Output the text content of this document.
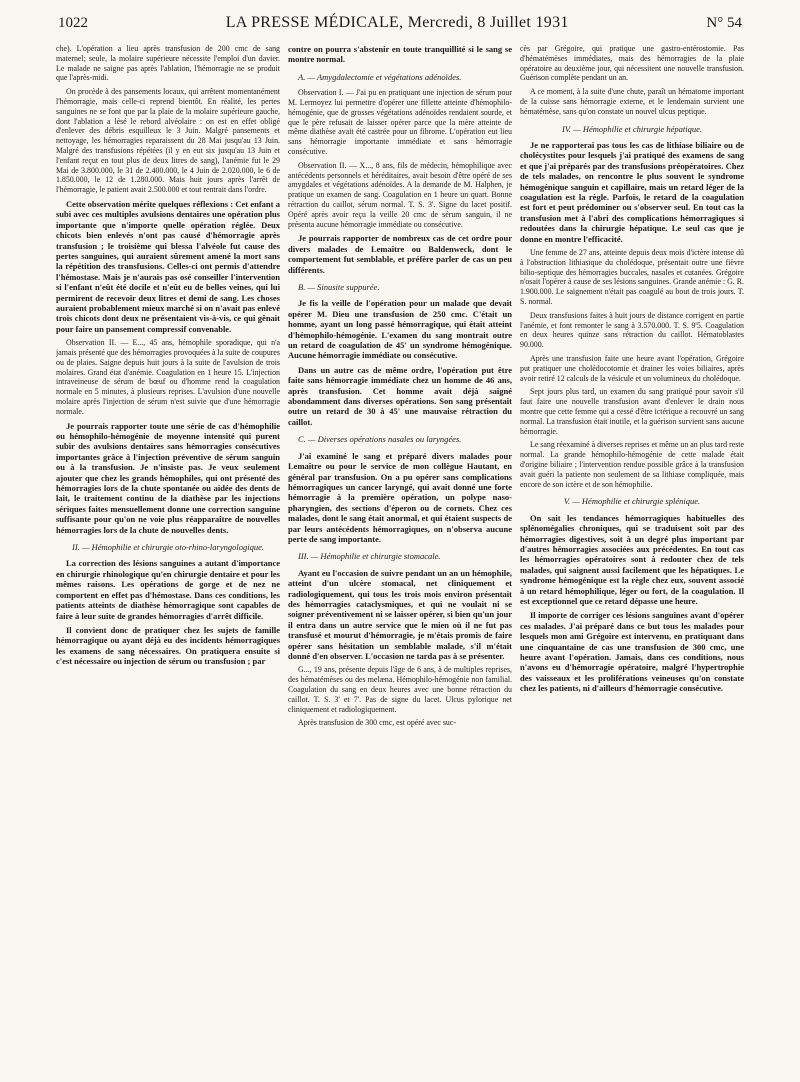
1022	LA PRESSE MÉDICALE, Mercredi, 8 Juillet 1931	N° 54

che). L'opération a lieu après transfusion de 200 cmc de sang maternel; seule, la molaire supérieure nécessite l'emploi d'un davier. Le malade ne saigne pas après l'ablation, l'hémorragie ne se produit que l'après-midi.

On procède à des pansements locaux, qui arrêtent momentanément l'hémorragie, mais celle-ci reprend bientôt. En réalité, les pertes sanguines ne se font que par la plaie de la molaire supérieure gauche, dont l'ablation a lésé le rebord alvéolaire : on est en effet obligé d'enlever des débris esquilleux le 3 Juin. Malgré pansements et nettoyage, les hémorragies reparaissent du 28 Mai jusqu'au 13 Juin. Malgré des transfusions répétées (il y en eut six jusqu'au 13 Juin et l'enfant reçut en tout plus de deux litres de sang), l'anémie fut le 29 Mai de 3.800.000, le 31 de 2.400.000, le 4 Juin de 2.020.000, le 6 de 1.850.000, le 12 de 1.280.000. Mais huit jours après l'arrêt de l'hémorragie, le patient avait 2.500.000 et tout rentrait dans l'ordre.

Cette observation mérite quelques réflexions : Cet enfant a subi avec ces multiples avulsions dentaires une opération plus importante que n'importe quelle opération réglée. Deux chicots bien enlevés n'ont pas causé d'hémorragie après transfusion ; le troisième qui blessa l'alvéole fut cause des pertes sanguines, qui auraient sûrement amené la mort sans la répétition des transfusions. Celles-ci ont permis d'attendre l'hémostase. Mais je n'aurais pas osé conseiller l'intervention si l'enfant n'eût été docile et n'eût eu de belles veines, qui lui permirent de recevoir deux litres et demi de sang. Les choses auraient probablement mieux marché si on n'avait pas enlevé trois chicots dont deux ne présentaient vis-à-vis, ce qui gênait pour faire un pansement compressif convenable.

Observation II. — E..., 45 ans, hémophile sporadique, qui n'a jamais présenté que des hémorragies provoquées à la suite de coupures ou de plaies. Saigne depuis huit jours à la suite de l'avulsion de trois molaires. Grand état d'anémie. Coagulation en 1 heure 15. L'injection intraveineuse de sérum de bœuf ou d'homme rend la coagulation normale en 5 minutes, à plusieurs reprises. L'avulsion d'une nouvelle molaire après l'injection de sérum n'est suivie que d'une hémorragie normale.

Je pourrais rapporter toute une série de cas d'hémophilie ou hémophilo-hémogénie de moyenne intensité qui purent subir des avulsions dentaires sans hémorragies consécutives importantes grâce à l'injection préventive de sérum sanguin ou à la transfusion. Je n'insiste pas. Je veux seulement ajouter que chez les grands hémophiles, qui ont présenté des hémorragies lors de la chute spontanée ou aidée des dents de lait, le traitement continu de la diathèse par les injections sériques faites mensuellement donne une correction sanguine suffisante pour qu'on ne voie plus réapparaître de nouvelles hémorragies lors de la chute de nouvelles dents.

II. — Hémophilie et chirurgie oto-rhino-laryngologique.

La correction des lésions sanguines a autant d'importance en chirurgie rhinologique qu'en chirurgie dentaire et pour les mêmes raisons. Les opérations de gorge et de nez ne comportent en effet pas d'hémostase. Dans ces conditions, les patients atteints de diathèse hémorragique sont capables de faire à leur suite de grandes hémorragies d'arrêt difficile.

Il convient donc de pratiquer chez les sujets de famille hémorragique ou ayant déjà eu des incidents hémorragiques les examens de sang nécessaires. On pratiquera ensuite si c'est nécessaire ou injection de sérum ou transfusion ; par

contre on pourra s'abstenir en toute tranquillité si le sang se montre normal.

A. — Amygdalectomie et végétations adénoïdes.

Observation I. — J'ai pu en pratiquant une injection de sérum pour M. Lermoyez lui permettre d'opérer une fillette atteinte d'hémophilo-hémogénie, que de grosses végétations adénoïdes rendaient sourde, et que le père refusait de laisser opérer parce que la mère atteinte de même diathèse avait été castrée pour un fibrome. L'opération eut lieu sans hémorragie importante immédiate et sans hémorragie consécutive.

Observation II. — X..., 8 ans, fils de médecin, hémophilique avec antécédents personnels et héréditaires, avait besoin d'être opéré de ses amygdales et végétations adénoïdes. A la demande de M. Halphen, je pratique un examen de sang. Coagulation en 1 heure un quart. Bonne rétraction du caillot, sérum normal. T. S. 3'. Signe du lacet positif. Opéré après avoir reçu la veille 20 cmc de sérum sanguin, il ne présenta aucune hémorragie immédiate ou consécutive.

Je pourrais rapporter de nombreux cas de cet ordre pour divers malades de Lemaître ou Baldenweck, dont le comportement fut semblable, et préfère parler de cas un peu différents.

B. — Sinusite suppurée.

Je fis la veille de l'opération pour un malade que devait opérer M. Dieu une transfusion de 250 cmc. C'était un homme, ayant un long passé hémorragique, qui était atteint d'hémophilo-hémogénie. L'examen du sang montrait outre un retard de coagulation de 45' un syndrome hémogénique. Aucune hémorragie immédiate ou consécutive.

Dans un autre cas de même ordre, l'opération put être faite sans hémorragie immédiate chez un homme de 46 ans, après transfusion. Cet homme avait déjà saigné abondamment dans diverses opérations. Son sang présentait outre un retard de 30 à 45' une mauvaise rétraction du caillot.

C. — Diverses opérations nasales ou laryngées.

J'ai examiné le sang et préparé divers malades pour Lemaître ou pour le service de mon collègue Hautant, en général par transfusion. On a pu opérer sans complications hémorragiques un cancer laryngé, qui avait donné une forte hémorragie à la première opération, un polype naso-pharyngien, des sections d'éperon ou de cornets. Chez ces malades, dont le sang était anormal, et qui étaient suspects de par leurs antécédents hémorragiques, on n'observa aucune perte de sang importante.

III. — Hémophilie et chirurgie stomacale.

Ayant eu l'occasion de suivre pendant un an un hémophile, atteint d'un ulcère stomacal, net cliniquement et radiologiquement, qui tous les trois mois environ présentait des hémorragies cataclysmiques, et qui ne voulait ni se soigner préventivement ni se laisser opérer, si bien qu'un jour il entra dans un autre service que le mien où il ne fut pas transfusé et mourut d'hémorragie, je m'étais promis de faire opérer sans hésitation un semblable malade, s'il m'était donné d'en observer. L'occasion ne tarda pas à se présenter.

G..., 19 ans, présente depuis l'âge de 6 ans, à de multiples reprises, des hématémèses ou des melæna. Hémophilo-hémogénie non familial. Coagulation du sang en deux heures avec une bonne rétraction du caillot. T. S. 3' et 7'. Pas de signe du lacet. Ulcus pylorique net cliniquement et radiologiquement.

Après transfusion de 300 cmc, est opéré avec suc-

cès par Grégoire, qui pratique une gastro-entérostomie. Pas d'hématémèses immédiates, mais des hémorragies de la plaie opératoire au deuxième jour, qui nécessitent une nouvelle transfusion. Guérison complète pendant un an.

A ce moment, à la suite d'une chute, paraît un hématome important de la cuisse sans hémorragie externe, et le lendemain survient une hématémèse, sans qu'on constate un nouvel ulcus peptique.

IV. — Hémophilie et chirurgie hépatique.

Je ne rapporterai pas tous les cas de lithiase biliaire ou de cholécystites pour lesquels j'ai pratiqué des examens de sang et que j'ai préparés par des transfusions préopératoires. Chez de tels malades, on rencontre le plus souvent le syndrome hémogénique sanguin et capillaire, mais un retard léger de la coagulation est la règle. Parfois, le retard de la coagulation est fort et peut prédominer ou s'observer seul. En tout cas la transfusion met à l'abri des complications hémorragiques si redoutées dans la chirurgie hépatique. Le seul cas que je donne en montre l'efficacité.

Une femme de 27 ans, atteinte depuis deux mois d'ictère intense dû à l'obstruction lithiasique du cholédoque, présentait outre une fièvre bilio-septique des hémorragies buccales, nasales et cutanées. Grégoire n'osait l'opérer à cause de ses lésions sanguines. Grande anémie : G. R. 1.900.000. Le saignement n'était pas coagulé au bout de trois jours. T. S. normal.

Deux transfusions faites à huit jours de distance corrigent en partie l'anémie, et font remonter le sang à 3.570.000. T. S. 9'5. Coagulation en deux heures quinze sans rétraction du caillot. Hématoblastes 90.000.

Après une transfusion faite une heure avant l'opération, Grégoire put pratiquer une cholédocotomie et drainer les voies biliaires, après avoir retiré 12 calculs de la vésicule et un volumineux du cholédoque.

Sept jours plus tard, un examen du sang pratiqué pour savoir s'il faut faire une nouvelle transfusion avant d'enlever le drain nous montre que cette femme qui a cessé d'être ictérique a recouvré un sang normal. La transfusion était inutile, et la guérison survient sans aucune hémorragie.

Le sang réexaminé à diverses reprises et même un an plus tard reste normal. La grande hémophilo-hémogénie de cette malade était d'origine biliaire ; l'intervention rendue possible grâce à la transfusion avait guéri la patiente non seulement de sa lithiase compliquée, mais encore de son ictère et de son hémophilie.

V. — Hémophilie et chirurgie splénique.

On sait les tendances hémorragiques habituelles des splénomégalies chroniques, qui se traduisent soit par des hémorragies digestives, soit à un degré plus important par d'autres hémorragies associées aux précédentes. En tout cas les hémorragies opératoires sont à redouter chez de tels malades, qui saignent aussi facilement que les hépatiques. Le syndrome hémogénique est la règle chez eux, souvent associé à un retard hémophilique, léger ou fort, de la coagulation. Il est exceptionnel que ce retard dépasse une heure.

Il importe de corriger ces lésions sanguines avant d'opérer ces malades. J'ai préparé dans ce but tous les malades pour lesquels mon ami Grégoire est intervenu, en pratiquant dans une cinquantaine de cas une transfusion de 300 cmc, une heure avant l'opération. Jamais, dans ces conditions, nous n'avons eu d'hémorragie opératoire, malgré l'hypertrophie des vaisseaux et les proliférations veineuses qu'on constate chez les patients, ni d'ailleurs d'hémorragie consécutive.
